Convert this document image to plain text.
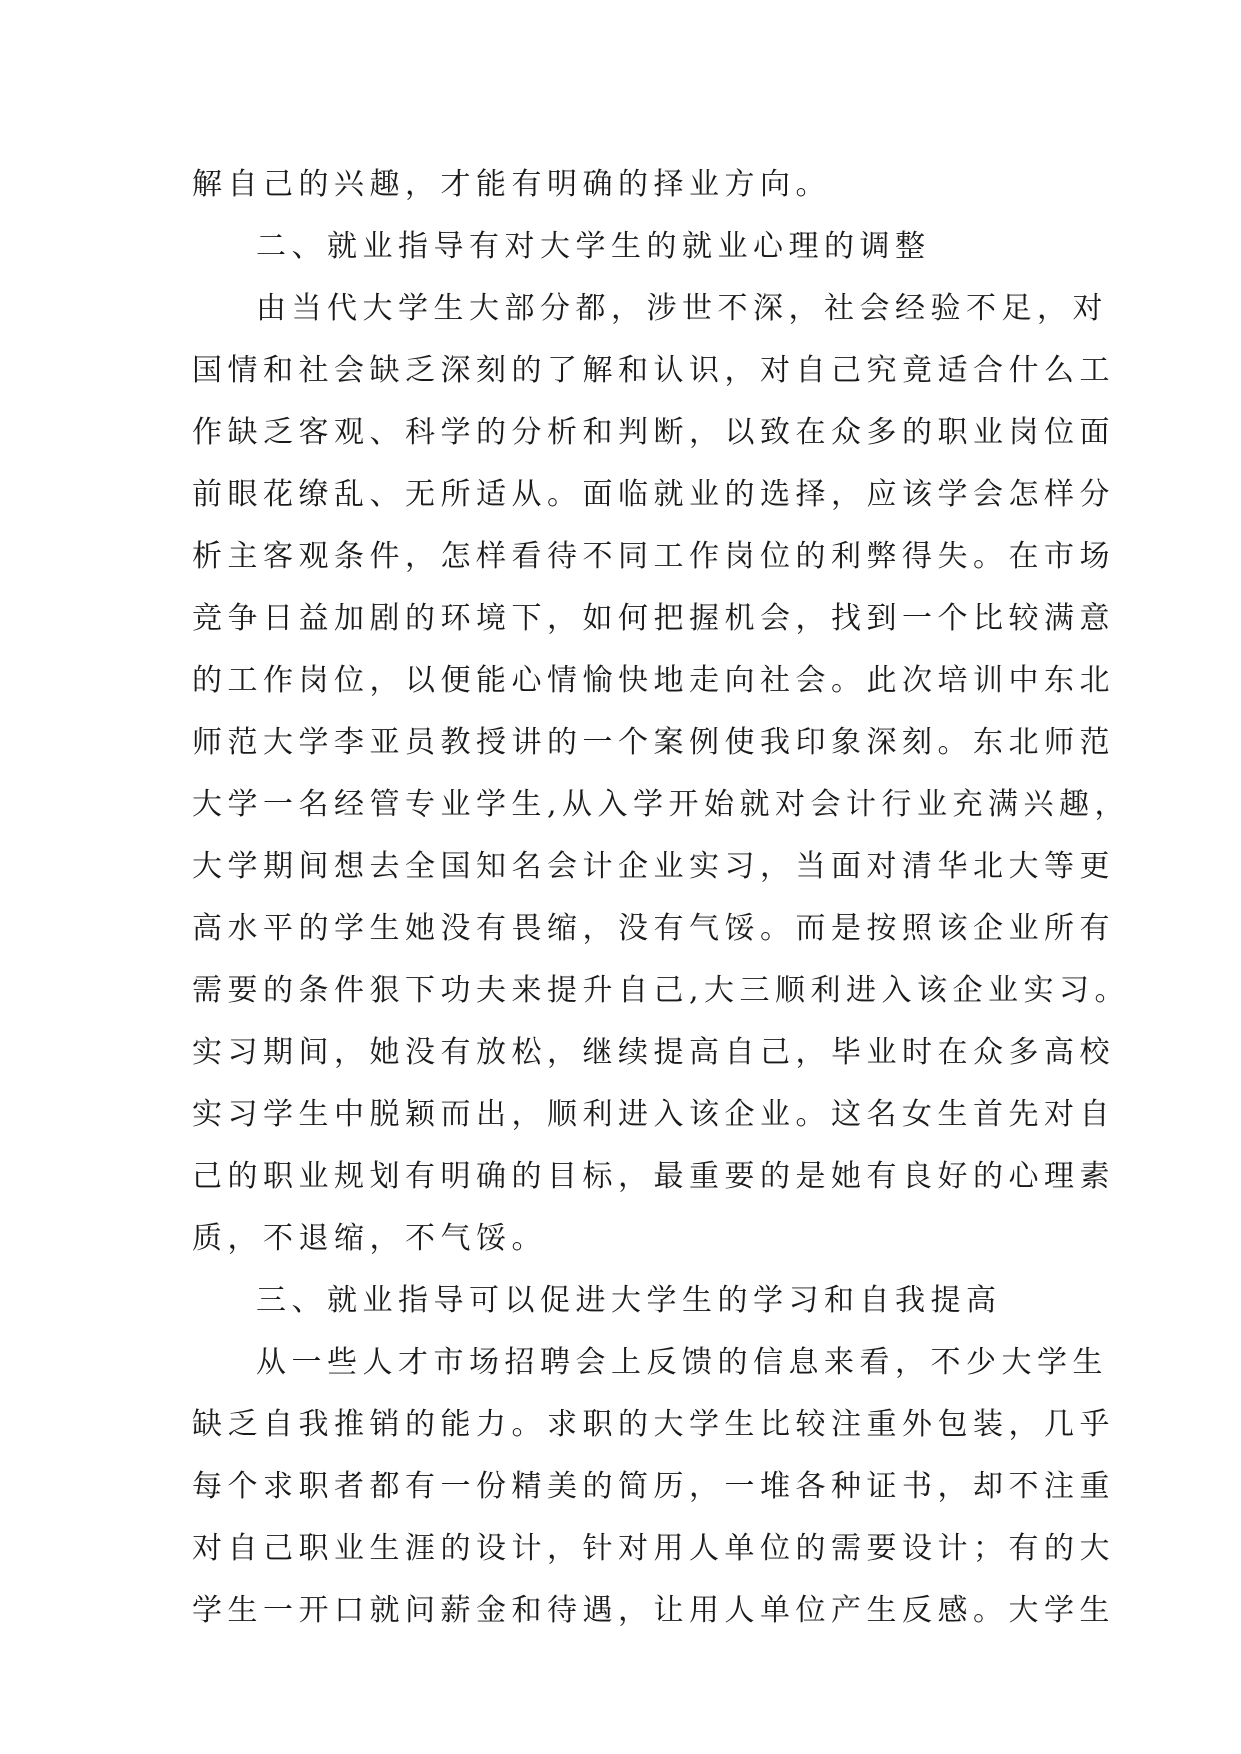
解自己的兴趣，才能有明确的择业方向。
二、就业指导有对大学生的就业心理的调整
由当代大学生大部分都，涉世不深，社会经验不足，对
国情和社会缺乏深刻的了解和认识，对自己究竟适合什么工
作缺乏客观、科学的分析和判断，以致在众多的职业岗位面
前眼花缭乱、无所适从。面临就业的选择，应该学会怎样分
析主客观条件，怎样看待不同工作岗位的利弊得失。在市场
竞争日益加剧的环境下，如何把握机会，找到一个比较满意
的工作岗位，以便能心情愉快地走向社会。此次培训中东北
师范大学李亚员教授讲的一个案例使我印象深刻。东北师范
大学一名经管专业学生,从入学开始就对会计行业充满兴趣，
大学期间想去全国知名会计企业实习，当面对清华北大等更
高水平的学生她没有畏缩，没有气馁。而是按照该企业所有
需要的条件狠下功夫来提升自己,大三顺利进入该企业实习。
实习期间，她没有放松，继续提高自己，毕业时在众多高校
实习学生中脱颖而出，顺利进入该企业。这名女生首先对自
己的职业规划有明确的目标，最重要的是她有良好的心理素
质，不退缩，不气馁。
三、就业指导可以促进大学生的学习和自我提高
从一些人才市场招聘会上反馈的信息来看，不少大学生
缺乏自我推销的能力。求职的大学生比较注重外包装，几乎
每个求职者都有一份精美的简历，一堆各种证书，却不注重
对自己职业生涯的设计，针对用人单位的需要设计；有的大
学生一开口就问薪金和待遇，让用人单位产生反感。大学生
